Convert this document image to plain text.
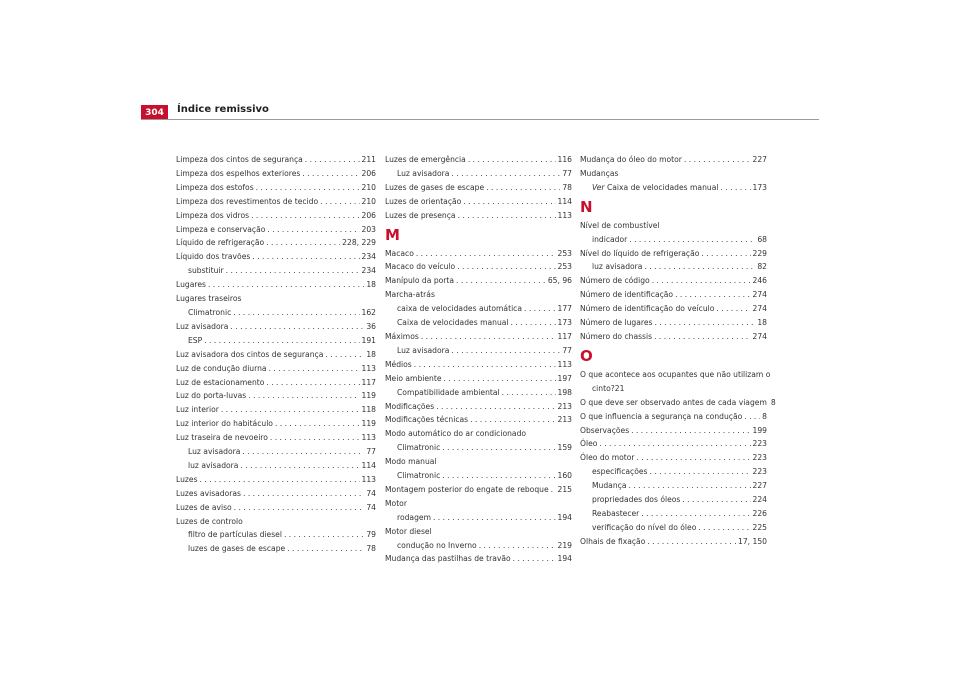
304 Índice remissivo
Limpeza dos cintos de segurança . . .	211
Limpeza dos espelhos exteriores . . .	206
Limpeza dos estofos . . .	210
Limpeza dos revestimentos de tecido . . .	210
Limpeza dos vidros . . .	206
Limpeza e conservação . . .	203
Líquido de refrigeração . . .	228, 229
Líquido dos travões . . .	234
substituir . . .	234
Lugares . . .	18
Lugares traseiros
Climatronic . . .	162
Luz avisadora . . .	36
ESP . . .	191
Luz avisadora dos cintos de segurança . . .	18
Luz de condução diurna . . .	113
Luz de estacionamento . . .	117
Luz do porta-luvas . . .	119
Luz interior . . .	118
Luz interior do habitáculo . . .	119
Luz traseira de nevoeiro . . .	113
Luz avisadora . . .	77
luz avisadora . . .	114
Luzes . . .	113
Luzes avisadoras . . .	74
Luzes de aviso . . .	74
Luzes de controlo
filtro de partículas diesel . . .	79
luzes de gases de escape . . .	78
Luzes de emergência . . .	116
Luz avisadora . . .	77
Luzes de gases de escape . . .	78
Luzes de orientação . . .	114
Luzes de presença . . .	113
M
Macaco . . .	253
Macaco do veículo . . .	253
Manípulo da porta . . .	65, 96
Marcha-atrás
caixa de velocidades automática . . .	177
Caixa de velocidades manual . . .	173
Máximos . . .	117
Luz avisadora . . .	77
Médios . . .	113
Meio ambiente . . .	197
Compatibilidade ambiental . . .	198
Modificações . . .	213
Modificações técnicas . . .	213
Modo automático do ar condicionado
Climatronic . . .	159
Modo manual
Climatronic . . .	160
Montagem posterior do engate de reboque . . . 215
Motor
rodagem . . .	194
Motor diesel
condução no Inverno . . .	219
Mudança das pastilhas de travão . . .	194
Mudança do óleo do motor . . .	227
Mudanças
Ver Caixa de velocidades manual . . .	173
N
Nível de combustível
indicador . . .	68
Nível do líquido de refrigeração . . .	229
luz avisadora . . .	82
Número de código . . .	246
Número de identificação . . .	274
Número de identificação do veículo . . .	274
Número de lugares . . .	18
Número do chassis . . .	274
O
O que acontece aos ocupantes que não utilizam o
cinto? 21
O que deve ser observado antes de cada viagem 8
O que influencia a segurança na condução . . .	8
Observações . . .	199
Óleo . . .	223
Óleo do motor . . .	223
especificações . . .	223
Mudança . . .	227
propriedades dos óleos . . .	224
Reabastecer . . .	226
verificação do nível do óleo . . .	225
Olhais de fixação . . .	17, 150
